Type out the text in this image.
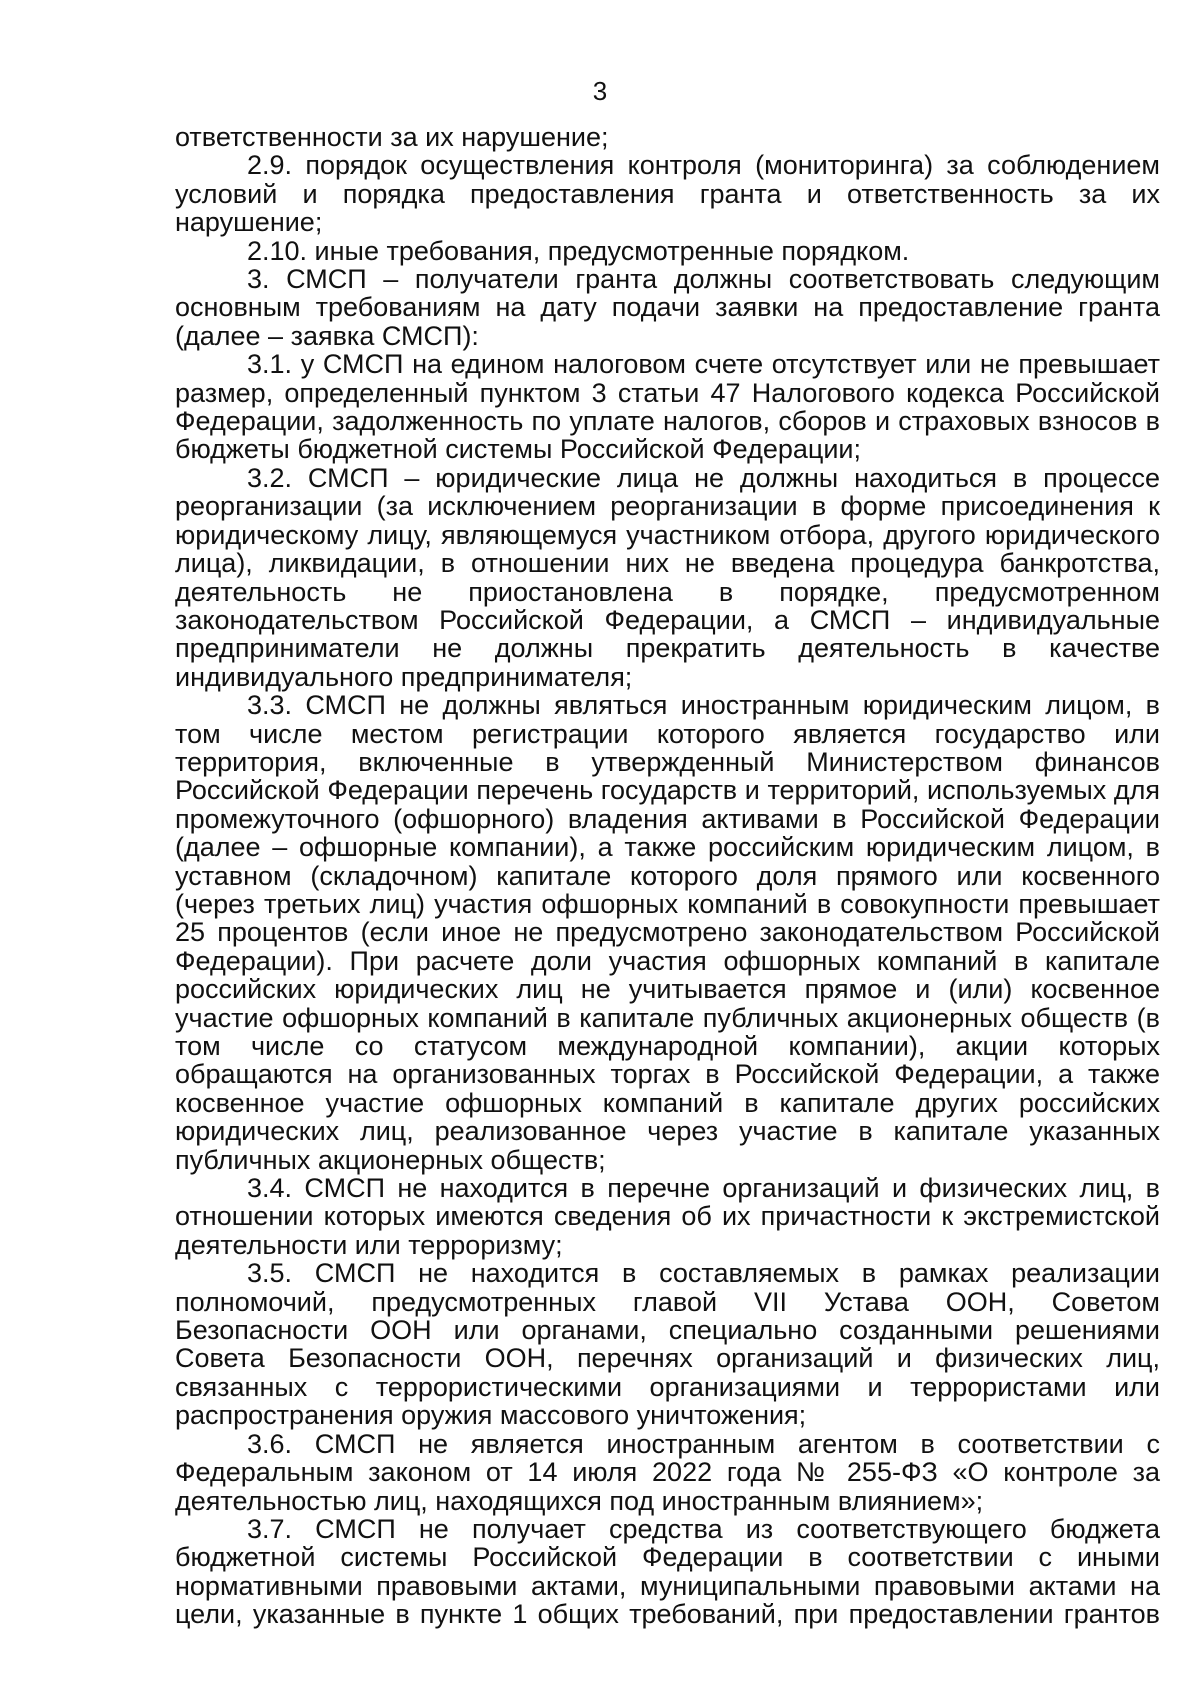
3

ответственности за их нарушение;

2.9. порядок осуществления контроля (мониторинга) за соблюдением условий и порядка предоставления гранта и ответственность за их нарушение;

2.10. иные требования, предусмотренные порядком.

3. СМСП – получатели гранта должны соответствовать следующим основным требованиям на дату подачи заявки на предоставление гранта (далее – заявка СМСП):

3.1. у СМСП на едином налоговом счете отсутствует или не превышает размер, определенный пунктом 3 статьи 47 Налогового кодекса Российской Федерации, задолженность по уплате налогов, сборов и страховых взносов в бюджеты бюджетной системы Российской Федерации;

3.2. СМСП – юридические лица не должны находиться в процессе реорганизации (за исключением реорганизации в форме присоединения к юридическому лицу, являющемуся участником отбора, другого юридического лица), ликвидации, в отношении них не введена процедура банкротства, деятельность не приостановлена в порядке, предусмотренном законодательством Российской Федерации, а СМСП – индивидуальные предприниматели не должны прекратить деятельность в качестве индивидуального предпринимателя;

3.3. СМСП не должны являться иностранным юридическим лицом, в том числе местом регистрации которого является государство или территория, включенные в утвержденный Министерством финансов Российской Федерации перечень государств и территорий, используемых для промежуточного (офшорного) владения активами в Российской Федерации (далее – офшорные компании), а также российским юридическим лицом, в уставном (складочном) капитале которого доля прямого или косвенного (через третьих лиц) участия офшорных компаний в совокупности превышает 25 процентов (если иное не предусмотрено законодательством Российской Федерации). При расчете доли участия офшорных компаний в капитале российских юридических лиц не учитывается прямое и (или) косвенное участие офшорных компаний в капитале публичных акционерных обществ (в том числе со статусом международной компании), акции которых обращаются на организованных торгах в Российской Федерации, а также косвенное участие офшорных компаний в капитале других российских юридических лиц, реализованное через участие в капитале указанных публичных акционерных обществ;

3.4. СМСП не находится в перечне организаций и физических лиц, в отношении которых имеются сведения об их причастности к экстремистской деятельности или терроризму;

3.5. СМСП не находится в составляемых в рамках реализации полномочий, предусмотренных главой VII Устава ООН, Советом Безопасности ООН или органами, специально созданными решениями Совета Безопасности ООН, перечнях организаций и физических лиц, связанных с террористическими организациями и террористами или распространения оружия массового уничтожения;

3.6. СМСП не является иностранным агентом в соответствии с Федеральным законом от 14 июля 2022 года № 255-ФЗ «О контроле за деятельностью лиц, находящихся под иностранным влиянием»;

3.7. СМСП не получает средства из соответствующего бюджета бюджетной системы Российской Федерации в соответствии с иными нормативными правовыми актами, муниципальными правовыми актами на цели, указанные в пункте 1 общих требований, при предоставлении грантов
